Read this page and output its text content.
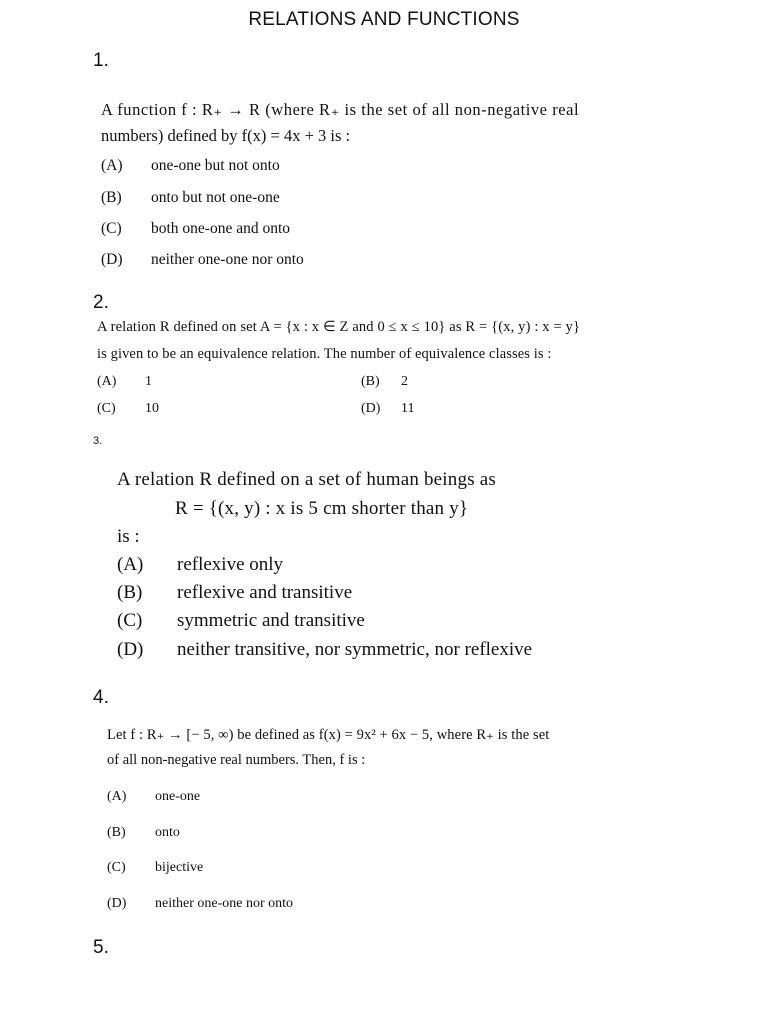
RELATIONS AND FUNCTIONS
1.
A function f : R₊ → R (where R₊ is the set of all non-negative real
numbers) defined by f(x) = 4x + 3 is :
(A) one-one but not onto
(B) onto but not one-one
(C) both one-one and onto
(D) neither one-one nor onto
2.
A relation R defined on set A = {x : x ∈ Z and 0 ≤ x ≤ 10} as R = {(x, y) : x = y}
is given to be an equivalence relation. The number of equivalence classes is :
(A) 1	(B) 2
(C) 10	(D) 11
3.
A relation R defined on a set of human beings as
R = {(x, y) : x is 5 cm shorter than y}
is :
(A) reflexive only
(B) reflexive and transitive
(C) symmetric and transitive
(D) neither transitive, nor symmetric, nor reflexive
4.
Let f : R₊ → [− 5, ∞) be defined as f(x) = 9x² + 6x − 5, where R₊ is the set
of all non-negative real numbers. Then, f is :
(A) one-one
(B) onto
(C) bijective
(D) neither one-one nor onto
5.
